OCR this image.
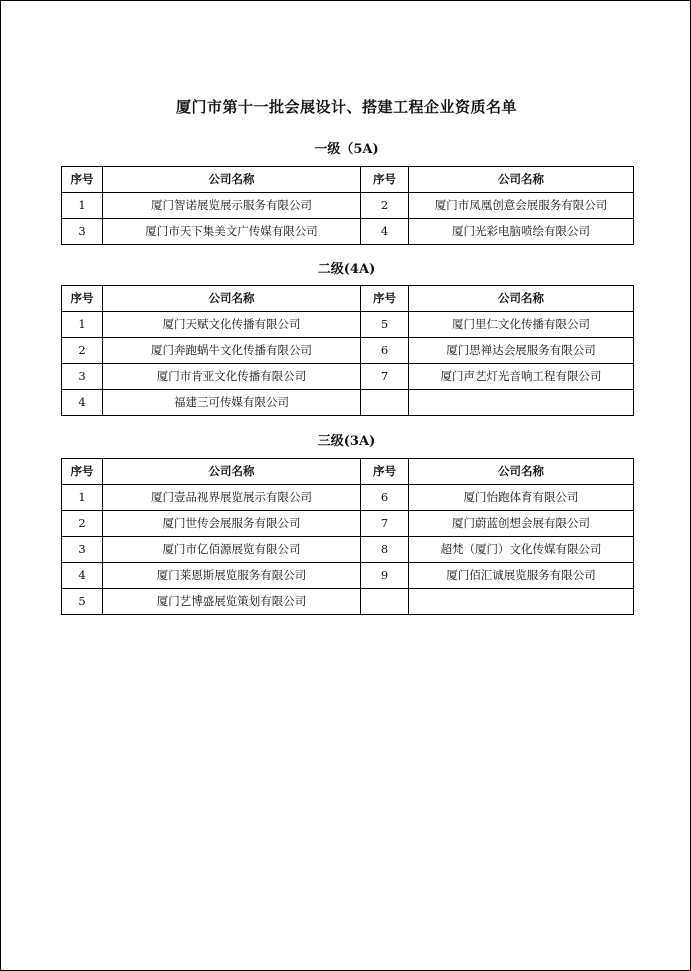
厦门市第十一批会展设计、搭建工程企业资质名单
一级（5A)
序号	公司名称	序号	公司名称
1	厦门智诺展览展示服务有限公司	2	厦门市凤凰创意会展服务有限公司
3	厦门市天下集美文广传媒有限公司	4	厦门光彩电脑喷绘有限公司
二级(4A)
序号	公司名称	序号	公司名称
1	厦门天赋文化传播有限公司	5	厦门里仁文化传播有限公司
2	厦门奔跑蜗牛文化传播有限公司	6	厦门思禅达会展服务有限公司
3	厦门市肯亚文化传播有限公司	7	厦门声艺灯光音响工程有限公司
4	福建三可传媒有限公司		
三级(3A)
序号	公司名称	序号	公司名称
1	厦门壹品视界展览展示有限公司	6	厦门怡跑体育有限公司
2	厦门世传会展服务有限公司	7	厦门蔚蓝创想会展有限公司
3	厦门市亿佰源展览有限公司	8	超梵（厦门）文化传媒有限公司
4	厦门莱恩斯展览服务有限公司	9	厦门佰汇诚展览服务有限公司
5	厦门艺博盛展览策划有限公司		
